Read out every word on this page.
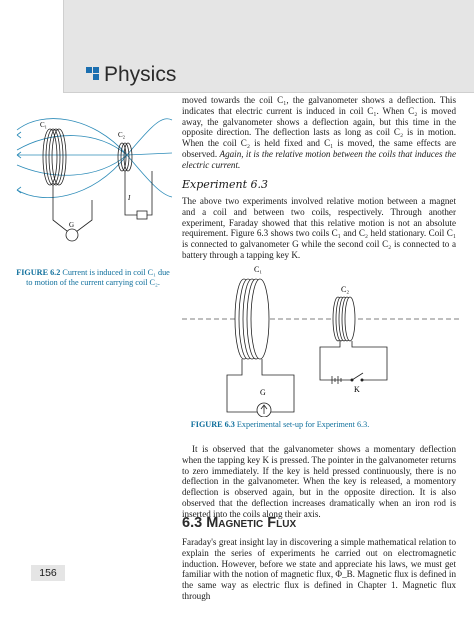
Physics

moved towards the coil C₁, the galvanometer shows a deflection. This indicates that electric current is induced in coil C₁. When C₂ is moved away, the galvanometer shows a deflection again, but this time in the opposite direction. The deflection lasts as long as coil C₂ is in motion. When the coil C₂ is held fixed and C₁ is moved, the same effects are observed. Again, it is the relative motion between the coils that induces the electric current.

Experiment 6.3

The above two experiments involved relative motion between a magnet and a coil and between two coils, respectively. Through another experiment, Faraday showed that this relative motion is not an absolute requirement. Figure 6.3 shows two coils C₁ and C₂ held stationary. Coil C₁ is connected to galvanometer G while the second coil C₂ is connected to a battery through a tapping key K.

C₁
C₂
G
I
FIGURE 6.2 Current is induced in coil C₁ due to motion of the current carrying coil C₂.
C₁
G
C₂
K
FIGURE 6.3 Experimental set-up for Experiment 6.3.

It is observed that the galvanometer shows a momentary deflection when the tapping key K is pressed. The pointer in the galvanometer returns to zero immediately. If the key is held pressed continuously, there is no deflection in the galvanometer. When the key is released, a momentory deflection is observed again, but in the opposite direction. It is also observed that the deflection increases dramatically when an iron rod is inserted into the coils along their axis.

6.3 Magnetic Flux

Faraday's great insight lay in discovering a simple mathematical relation to explain the series of experiments he carried out on electromagnetic induction. However, before we state and appreciate his laws, we must get familiar with the notion of magnetic flux, Φ_B. Magnetic flux is defined in the same way as electric flux is defined in Chapter 1. Magnetic flux through

156
